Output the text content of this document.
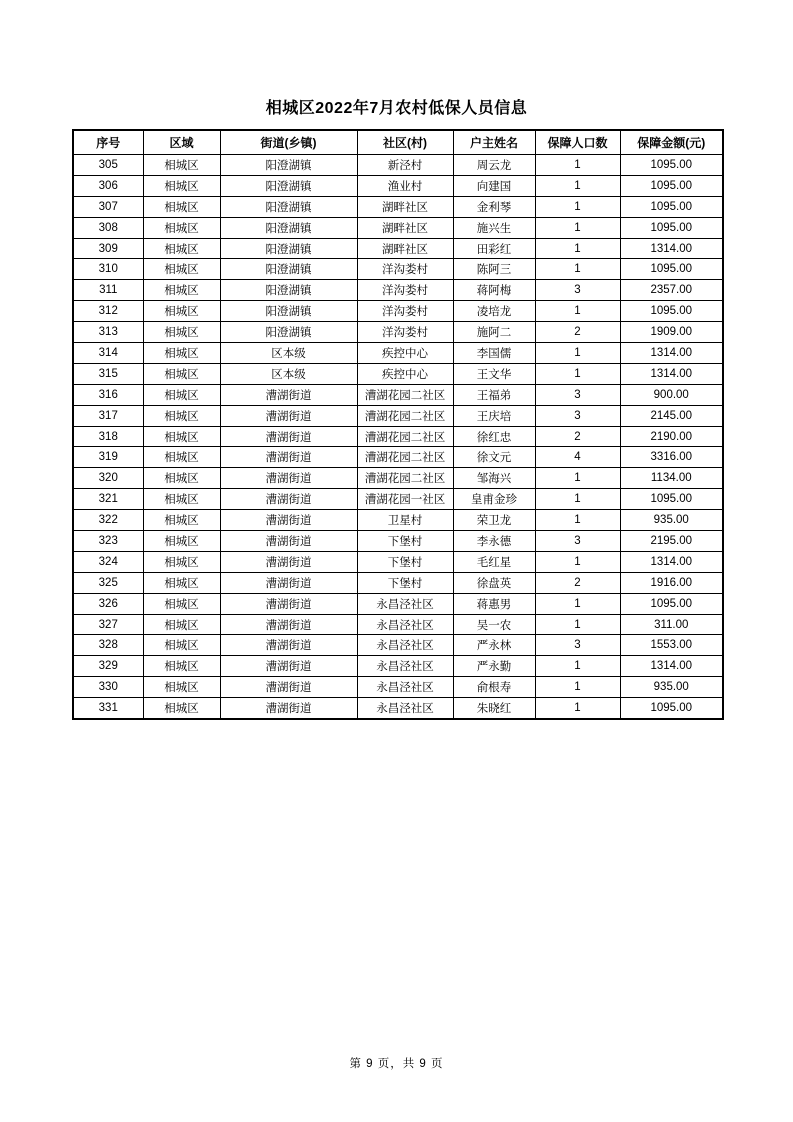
相城区2022年7月农村低保人员信息
序号	区域	街道(乡镇)	社区(村)	户主姓名	保障人口数	保障金额(元)
305	相城区	阳澄湖镇	新泾村	周云龙	1	1095.00
306	相城区	阳澄湖镇	渔业村	向建国	1	1095.00
307	相城区	阳澄湖镇	湖畔社区	金利琴	1	1095.00
308	相城区	阳澄湖镇	湖畔社区	施兴生	1	1095.00
309	相城区	阳澄湖镇	湖畔社区	田彩红	1	1314.00
310	相城区	阳澄湖镇	洋沟娄村	陈阿三	1	1095.00
311	相城区	阳澄湖镇	洋沟娄村	蒋阿梅	3	2357.00
312	相城区	阳澄湖镇	洋沟娄村	凌培龙	1	1095.00
313	相城区	阳澄湖镇	洋沟娄村	施阿二	2	1909.00
314	相城区	区本级	疾控中心	李国儒	1	1314.00
315	相城区	区本级	疾控中心	王文华	1	1314.00
316	相城区	漕湖街道	漕湖花园二社区	王福弟	3	900.00
317	相城区	漕湖街道	漕湖花园二社区	王庆培	3	2145.00
318	相城区	漕湖街道	漕湖花园二社区	徐红忠	2	2190.00
319	相城区	漕湖街道	漕湖花园二社区	徐文元	4	3316.00
320	相城区	漕湖街道	漕湖花园二社区	邹海兴	1	1134.00
321	相城区	漕湖街道	漕湖花园一社区	皇甫金珍	1	1095.00
322	相城区	漕湖街道	卫星村	荣卫龙	1	935.00
323	相城区	漕湖街道	下堡村	李永德	3	2195.00
324	相城区	漕湖街道	下堡村	毛红星	1	1314.00
325	相城区	漕湖街道	下堡村	徐盘英	2	1916.00
326	相城区	漕湖街道	永昌泾社区	蒋惠男	1	1095.00
327	相城区	漕湖街道	永昌泾社区	吴一农	1	311.00
328	相城区	漕湖街道	永昌泾社区	严永林	3	1553.00
329	相城区	漕湖街道	永昌泾社区	严永勤	1	1314.00
330	相城区	漕湖街道	永昌泾社区	俞根寿	1	935.00
331	相城区	漕湖街道	永昌泾社区	朱晓红	1	1095.00
第 9 页，共 9 页
